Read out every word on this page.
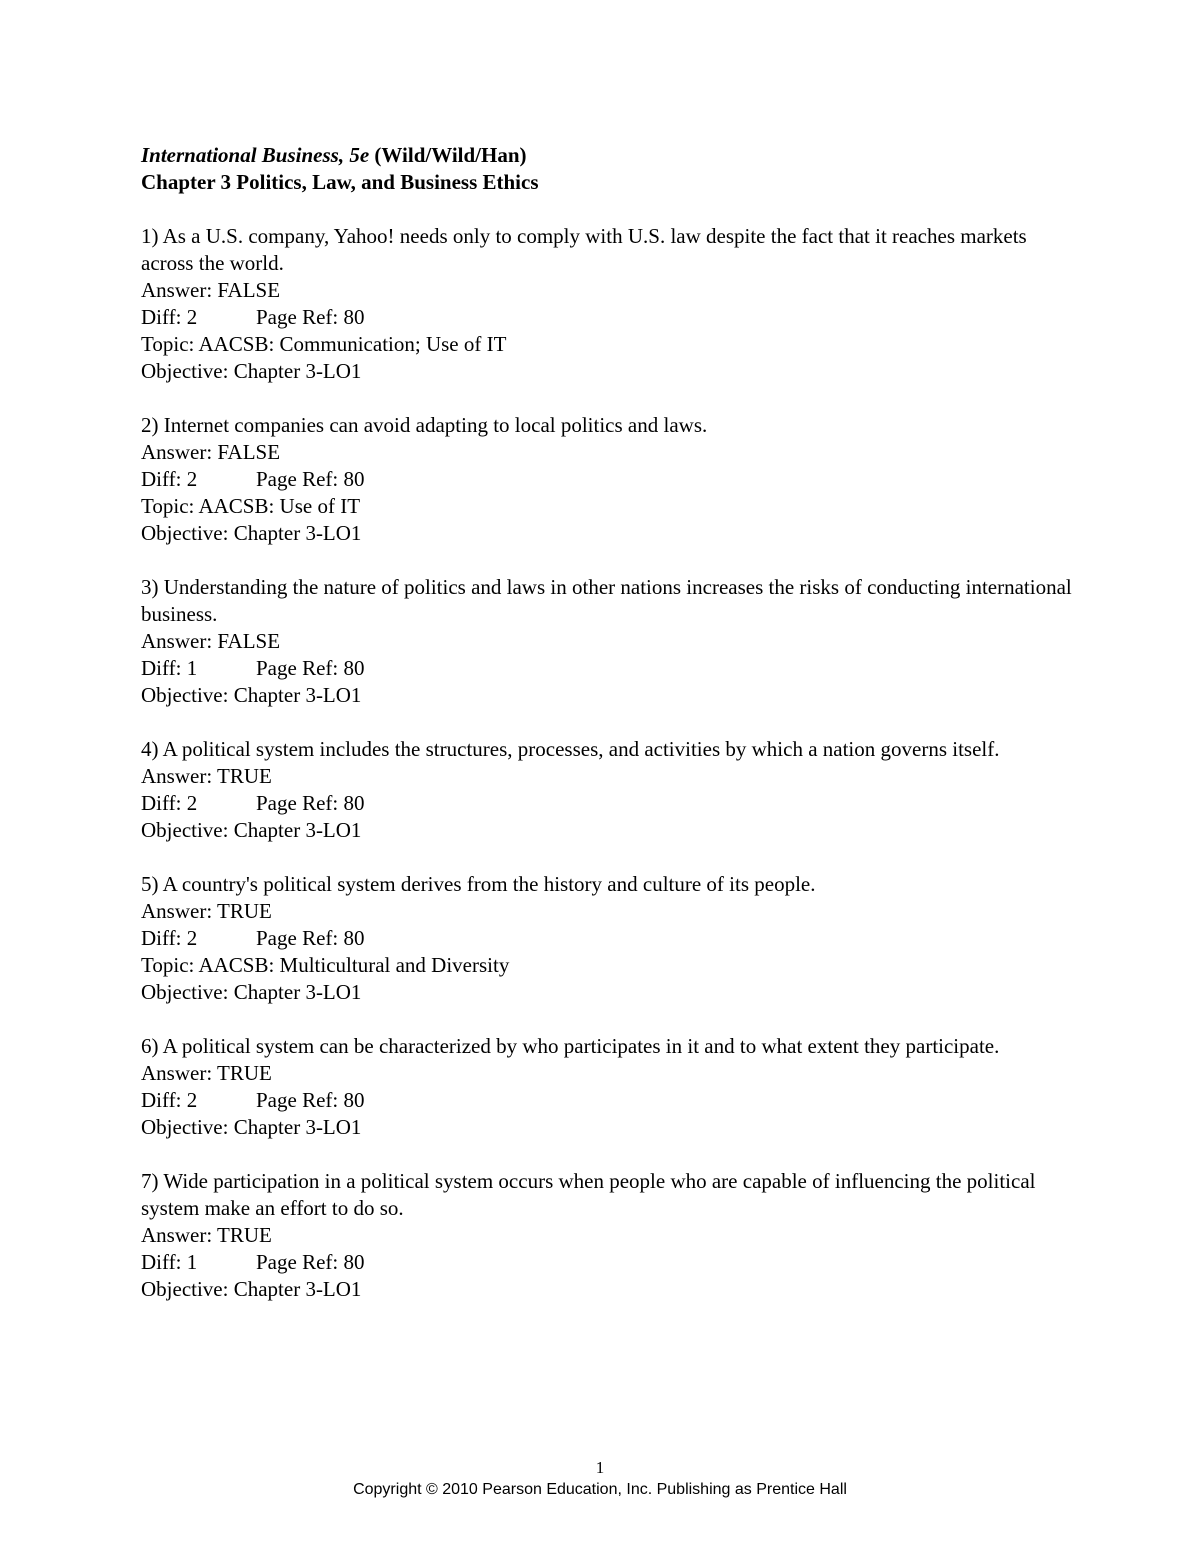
International Business, 5e (Wild/Wild/Han)
Chapter 3 Politics, Law, and Business Ethics
1) As a U.S. company, Yahoo! needs only to comply with U.S. law despite the fact that it reaches markets across the world.
Answer: FALSE
Diff: 2	Page Ref: 80
Topic: AACSB: Communication; Use of IT
Objective: Chapter 3-LO1
2) Internet companies can avoid adapting to local politics and laws.
Answer: FALSE
Diff: 2	Page Ref: 80
Topic: AACSB: Use of IT
Objective: Chapter 3-LO1
3) Understanding the nature of politics and laws in other nations increases the risks of conducting international business.
Answer: FALSE
Diff: 1	Page Ref: 80
Objective: Chapter 3-LO1
4) A political system includes the structures, processes, and activities by which a nation governs itself.
Answer: TRUE
Diff: 2	Page Ref: 80
Objective: Chapter 3-LO1
5) A country's political system derives from the history and culture of its people.
Answer: TRUE
Diff: 2	Page Ref: 80
Topic: AACSB: Multicultural and Diversity
Objective: Chapter 3-LO1
6) A political system can be characterized by who participates in it and to what extent they participate.
Answer: TRUE
Diff: 2	Page Ref: 80
Objective: Chapter 3-LO1
7) Wide participation in a political system occurs when people who are capable of influencing the political system make an effort to do so.
Answer: TRUE
Diff: 1	Page Ref: 80
Objective: Chapter 3-LO1
1
Copyright © 2010 Pearson Education, Inc. Publishing as Prentice Hall
